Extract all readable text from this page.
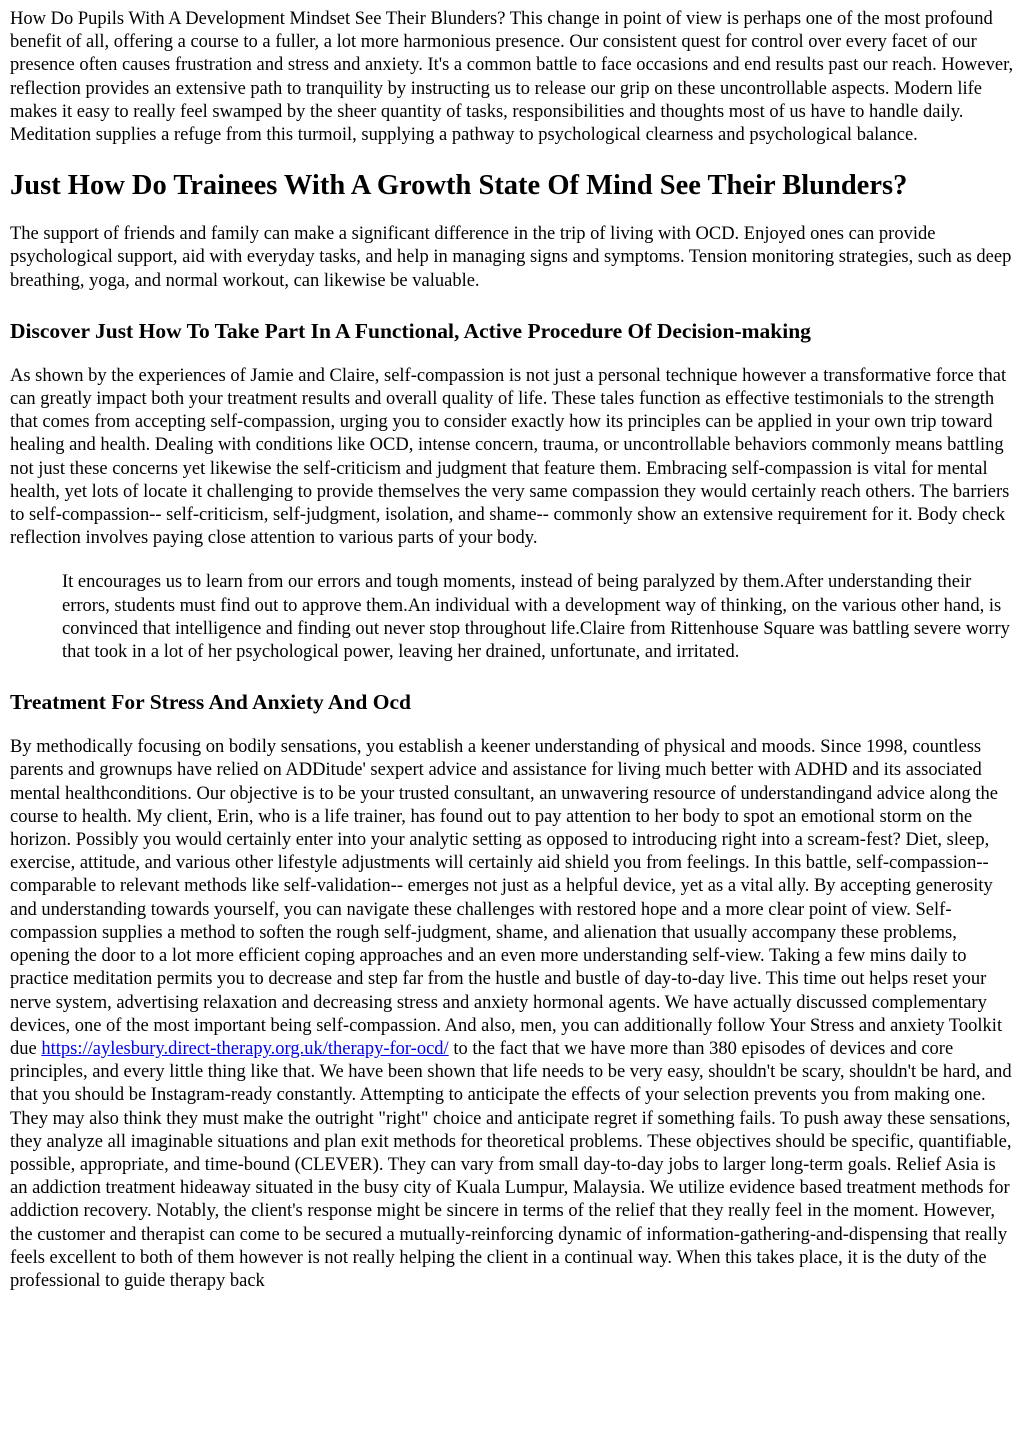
How Do Pupils With A Development Mindset See Their Blunders? This change in point of view is perhaps one of the most profound benefit of all, offering a course to a fuller, a lot more harmonious presence. Our consistent quest for control over every facet of our presence often causes frustration and stress and anxiety. It's a common battle to face occasions and end results past our reach. However, reflection provides an extensive path to tranquility by instructing us to release our grip on these uncontrollable aspects. Modern life makes it easy to really feel swamped by the sheer quantity of tasks, responsibilities and thoughts most of us have to handle daily. Meditation supplies a refuge from this turmoil, supplying a pathway to psychological clearness and psychological balance.

Just How Do Trainees With A Growth State Of Mind See Their Blunders?

The support of friends and family can make a significant difference in the trip of living with OCD. Enjoyed ones can provide psychological support, aid with everyday tasks, and help in managing signs and symptoms. Tension monitoring strategies, such as deep breathing, yoga, and normal workout, can likewise be valuable.

Discover Just How To Take Part In A Functional, Active Procedure Of Decision-making

As shown by the experiences of Jamie and Claire, self-compassion is not just a personal technique however a transformative force that can greatly impact both your treatment results and overall quality of life. These tales function as effective testimonials to the strength that comes from accepting self-compassion, urging you to consider exactly how its principles can be applied in your own trip toward healing and health. Dealing with conditions like OCD, intense concern, trauma, or uncontrollable behaviors commonly means battling not just these concerns yet likewise the self-criticism and judgment that feature them. Embracing self-compassion is vital for mental health, yet lots of locate it challenging to provide themselves the very same compassion they would certainly reach others. The barriers to self-compassion-- self-criticism, self-judgment, isolation, and shame-- commonly show an extensive requirement for it. Body check reflection involves paying close attention to various parts of your body.

It encourages us to learn from our errors and tough moments, instead of being paralyzed by them.After understanding their errors, students must find out to approve them.An individual with a development way of thinking, on the various other hand, is convinced that intelligence and finding out never stop throughout life.Claire from Rittenhouse Square was battling severe worry that took in a lot of her psychological power, leaving her drained, unfortunate, and irritated.

Treatment For Stress And Anxiety And Ocd

By methodically focusing on bodily sensations, you establish a keener understanding of physical and moods. Since 1998, countless parents and grownups have relied on ADDitude' sexpert advice and assistance for living much better with ADHD and its associated mental healthconditions. Our objective is to be your trusted consultant, an unwavering resource of understandingand advice along the course to health. My client, Erin, who is a life trainer, has found out to pay attention to her body to spot an emotional storm on the horizon. Possibly you would certainly enter into your analytic setting as opposed to introducing right into a scream-fest? Diet, sleep, exercise, attitude, and various other lifestyle adjustments will certainly aid shield you from feelings. In this battle, self-compassion-- comparable to relevant methods like self-validation-- emerges not just as a helpful device, yet as a vital ally. By accepting generosity and understanding towards yourself, you can navigate these challenges with restored hope and a more clear point of view. Self-compassion supplies a method to soften the rough self-judgment, shame, and alienation that usually accompany these problems, opening the door to a lot more efficient coping approaches and an even more understanding self-view. Taking a few mins daily to practice meditation permits you to decrease and step far from the hustle and bustle of day-to-day live. This time out helps reset your nerve system, advertising relaxation and decreasing stress and anxiety hormonal agents. We have actually discussed complementary devices, one of the most important being self-compassion. And also, men, you can additionally follow Your Stress and anxiety Toolkit due https://aylesbury.direct-therapy.org.uk/therapy-for-ocd/ to the fact that we have more than 380 episodes of devices and core principles, and every little thing like that. We have been shown that life needs to be very easy, shouldn't be scary, shouldn't be hard, and that you should be Instagram-ready constantly. Attempting to anticipate the effects of your selection prevents you from making one. They may also think they must make the outright "right" choice and anticipate regret if something fails. To push away these sensations, they analyze all imaginable situations and plan exit methods for theoretical problems. These objectives should be specific, quantifiable, possible, appropriate, and time-bound (CLEVER). They can vary from small day-to-day jobs to larger long-term goals. Relief Asia is an addiction treatment hideaway situated in the busy city of Kuala Lumpur, Malaysia. We utilize evidence based treatment methods for addiction recovery. Notably, the client's response might be sincere in terms of the relief that they really feel in the moment. However, the customer and therapist can come to be secured a mutually-reinforcing dynamic of information-gathering-and-dispensing that really feels excellent to both of them however is not really helping the client in a continual way. When this takes place, it is the duty of the professional to guide therapy back
